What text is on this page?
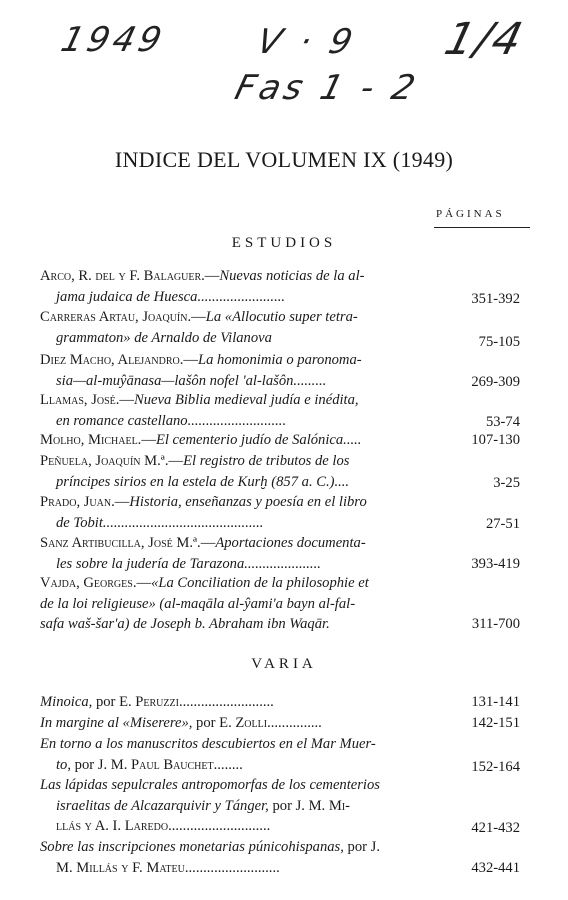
1949 V · 9
Fas 1 - 2
1/4
INDICE DEL VOLUMEN IX (1949)
PÁGINAS
ESTUDIOS
Arco, R. del y F. Balaguer.—Nuevas noticias de la al-
jama judaica de Huesca........................	351-392
Carreras Artau, Joaquín.—La «Allocutio super tetra-
grammaton» de Arnaldo de Vilanova	75-105
Diez Macho, Alejandro.—La homonimia o paronoma-
sia—al-muŷānasa—lašôn nofel 'al-lašôn.........	269-309
Llamas, José.—Nueva Biblia medieval judía e inédita,
en romance castellano...........................	53-74
Molho, Michael.—El cementerio judío de Salónica.....	107-130
Peñuela, Joaquín M.ª.—El registro de tributos de los
príncipes sirios en la estela de Kurḫ (857 a. C.)....	3-25
Prado, Juan.—Historia, enseñanzas y poesía en el libro
de Tobit............................................	27-51
Sanz Artibucilla, José M.ª.—Aportaciones documenta-
les sobre la judería de Tarazona.....................	393-419
Vajda, Georges.—«La Conciliation de la philosophie et
de la loi religieuse» (al-maqāla al-ŷami'a bayn al-fal-
safa waš-šar'a) de Joseph b. Abraham ibn Waqār.	311-700
VARIA
Minoica, por E. Peruzzi..........................	131-141
In margine al «Miserere», por E. Zolli...............	142-151
En torno a los manuscritos descubiertos en el Mar Muer-
to, por J. M. Paul Bauchet........	152-164
Las lápidas sepulcrales antropomorfas de los cementerios
israelitas de Alcazarquivir y Tánger, por J. M. Mi-
llás y A. I. Laredo............................	421-432
Sobre las inscripciones monetarias púnicohispanas, por J.
M. Millás y F. Mateu..........................	432-441
